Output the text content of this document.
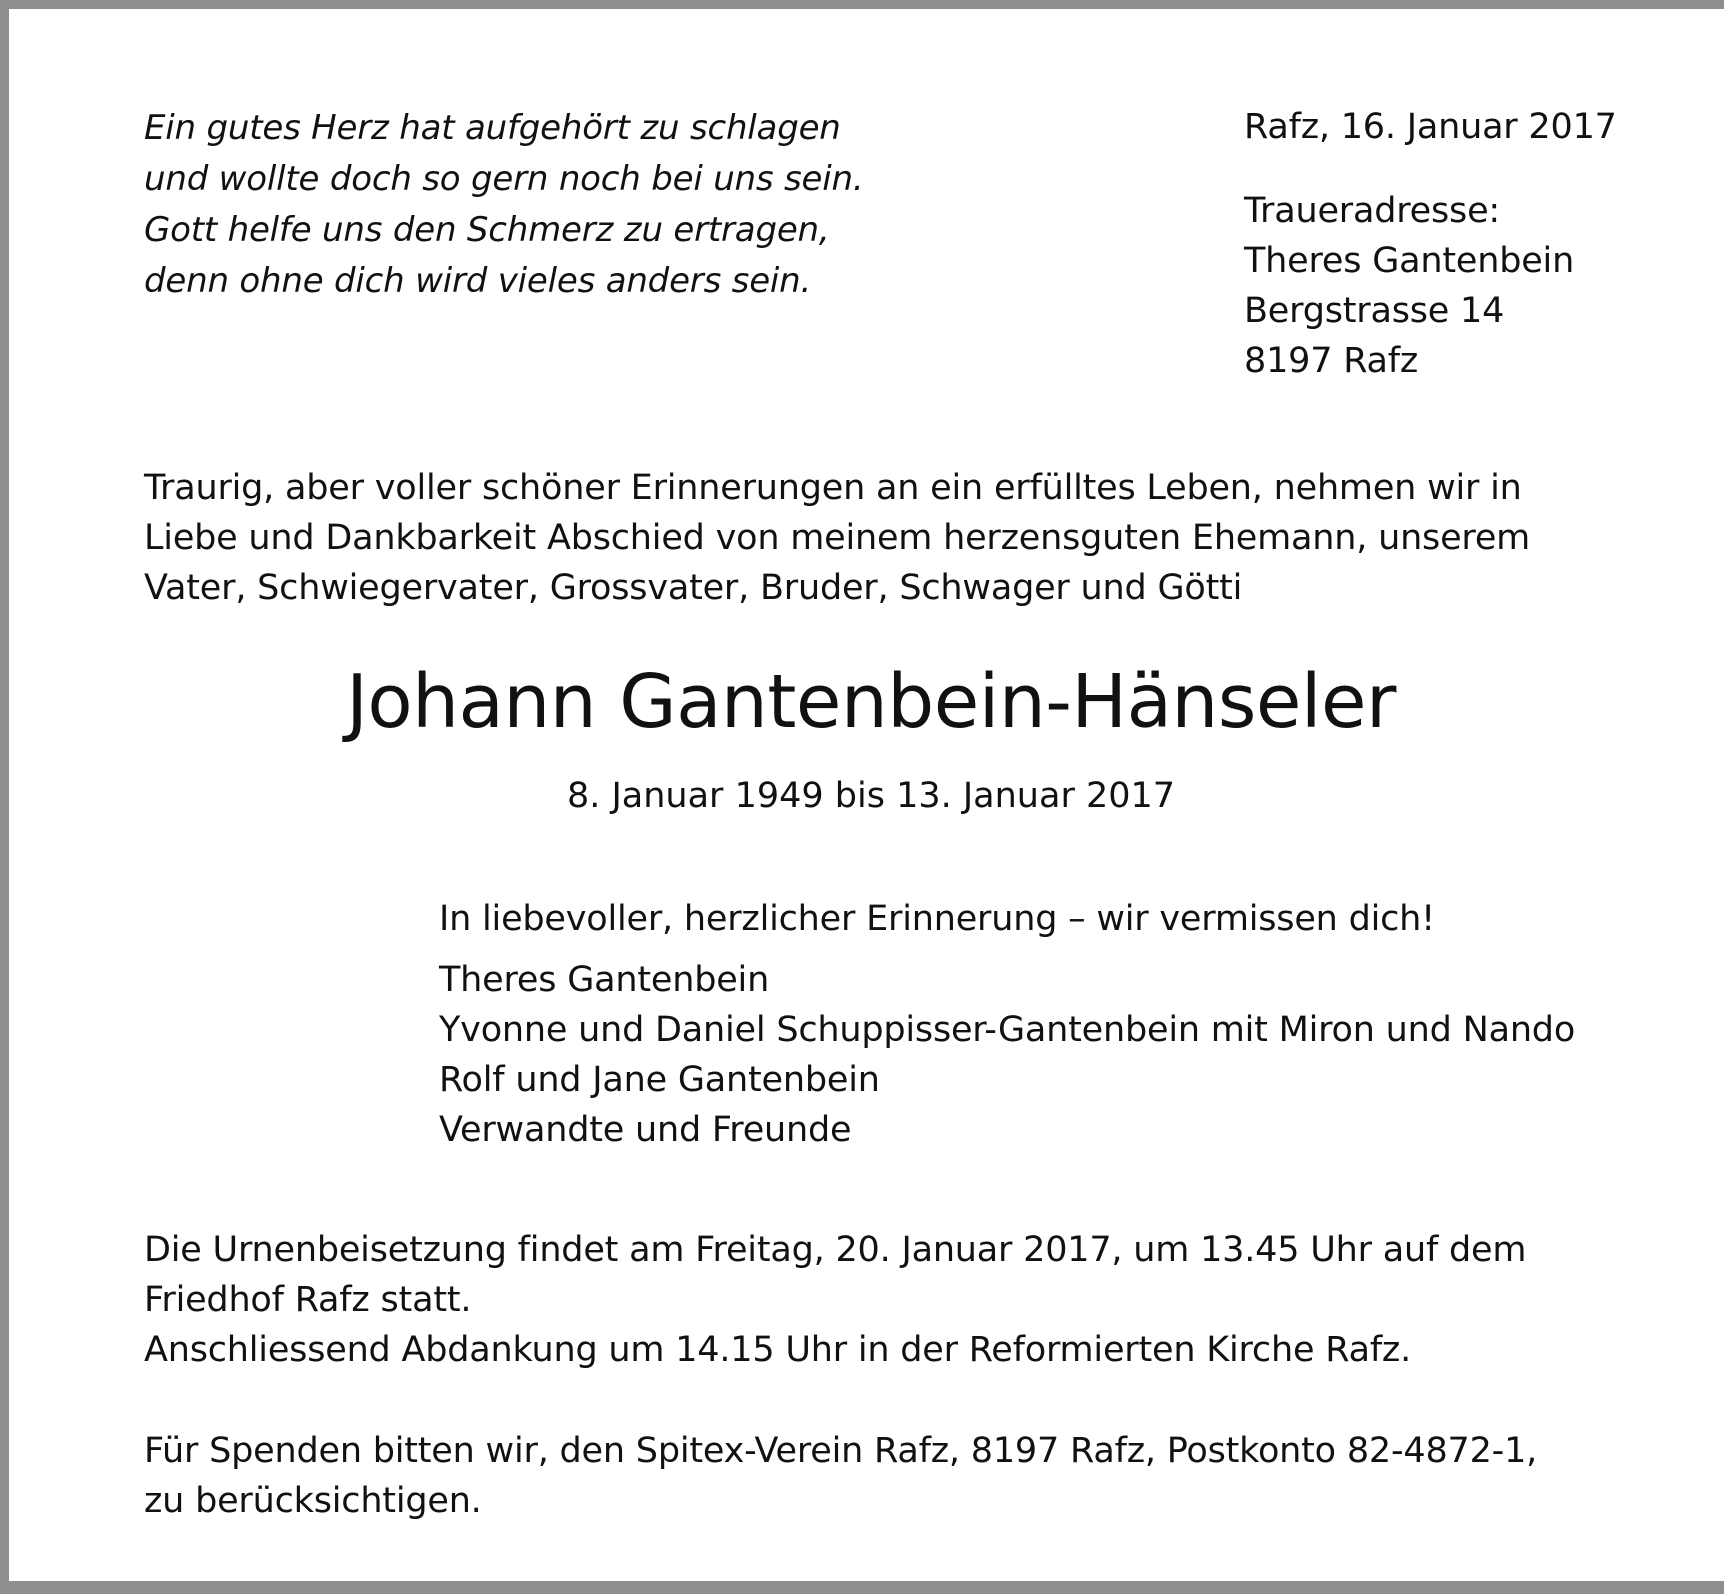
Ein gutes Herz hat aufgehört zu schlagen
und wollte doch so gern noch bei uns sein.
Gott helfe uns den Schmerz zu ertragen,
denn ohne dich wird vieles anders sein.
Rafz, 16. Januar 2017
Traueradresse:
Theres Gantenbein
Bergstrasse 14
8197 Rafz
Traurig, aber voller schöner Erinnerungen an ein erfülltes Leben, nehmen wir in
Liebe und Dankbarkeit Abschied von meinem herzensguten Ehemann, unserem
Vater, Schwiegervater, Grossvater, Bruder, Schwager und Götti
Johann Gantenbein-Hänseler
8. Januar 1949 bis 13. Januar 2017
In liebevoller, herzlicher Erinnerung – wir vermissen dich!
Theres Gantenbein
Yvonne und Daniel Schuppisser-Gantenbein mit Miron und Nando
Rolf und Jane Gantenbein
Verwandte und Freunde
Die Urnenbeisetzung findet am Freitag, 20. Januar 2017, um 13.45 Uhr auf dem
Friedhof Rafz statt.
Anschliessend Abdankung um 14.15 Uhr in der Reformierten Kirche Rafz.
Für Spenden bitten wir, den Spitex-Verein Rafz, 8197 Rafz, Postkonto 82-4872-1,
zu berücksichtigen.
